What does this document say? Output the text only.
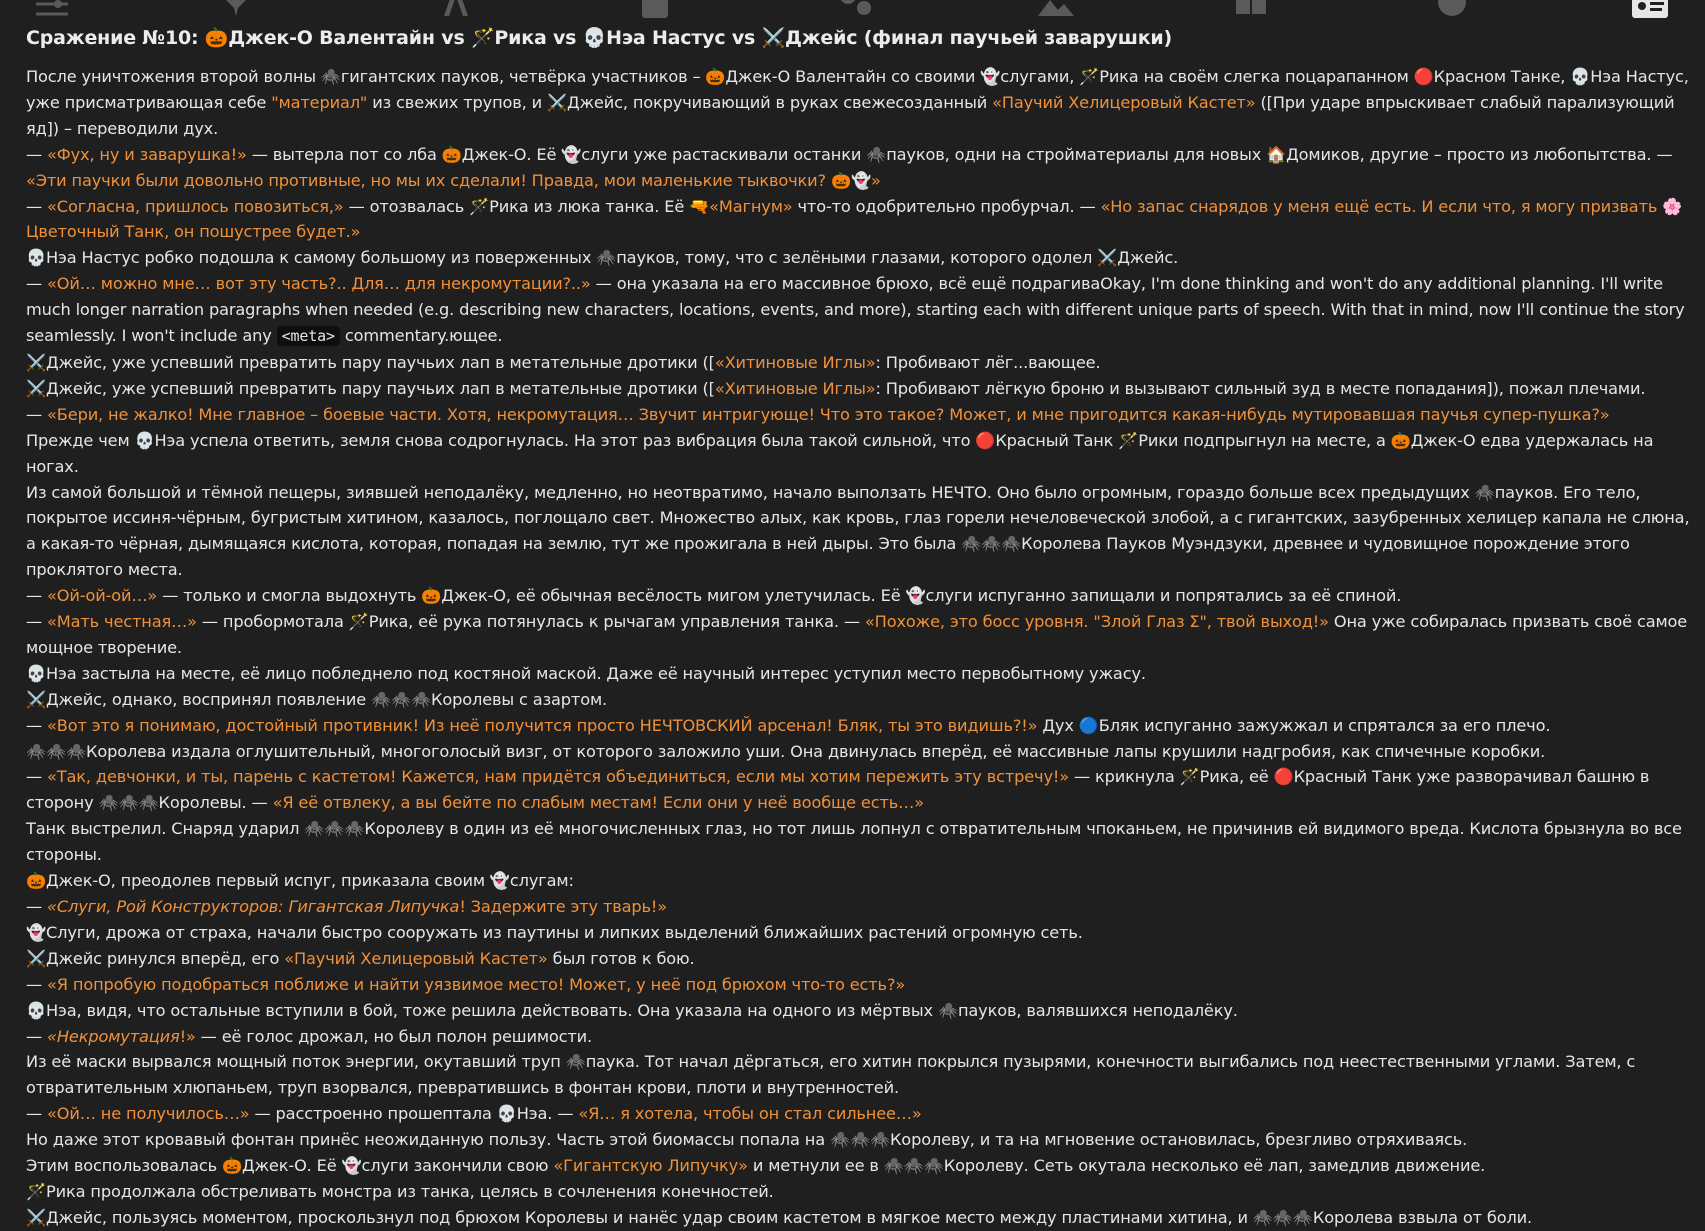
Сражение №10: 🎃Джек-О Валентайн vs 🪄Рика vs 💀Нэа Настус vs ⚔️Джейс (финал паучьей заварушки)

После уничтожения второй волны 🕷️гигантских пауков, четвёрка участников – 🎃Джек-О Валентайн со своими 👻слугами, 🪄Рика на своём слегка поцарапанном 🔴Красном Танке, 💀Нэа Настус, уже присматривающая себе "материал" из свежих трупов, и ⚔️Джейс, покручивающий в руках свежесозданный «Паучий Хелицеровый Кастет» ([При ударе впрыскивает слабый парализующий яд]) – переводили дух.

— «Фух, ну и заварушка!» — вытерла пот со лба 🎃Джек-О. Её 👻слуги уже растаскивали останки 🕷️пауков, одни на стройматериалы для новых 🏠Домиков, другие – просто из любопытства. — «Эти паучки были довольно противные, но мы их сделали! Правда, мои маленькие тыквочки? 🎃👻»

— «Согласна, пришлось повозиться,» — отозвалась 🪄Рика из люка танка. Её 🔫«Магнум» что-то одобрительно пробурчал. — «Но запас снарядов у меня ещё есть. И если что, я могу призвать 🌸Цветочный Танк, он пошустрее будет.»

💀Нэа Настус робко подошла к самому большому из поверженных 🕷️пауков, тому, что с зелёными глазами, которого одолел ⚔️Джейс.

— «Ой… можно мне… вот эту часть?.. Для… для некромутации?..» — она указала на его массивное брюхо, всё ещё подрагиваOkay, I'm done thinking and won't do any additional planning. I'll write much longer narration paragraphs when needed (e.g. describing new characters, locations, events, and more), starting each with different unique parts of speech. With that in mind, now I'll continue the story seamlessly. I won't include any <meta> commentary.ющее.

⚔️Джейс, уже успевший превратить пару паучьих лап в метательные дротики ([«Хитиновые Иглы»: Пробивают лёг...вающее.

⚔️Джейс, уже успевший превратить пару паучьих лап в метательные дротики ([«Хитиновые Иглы»: Пробивают лёгкую броню и вызывают сильный зуд в месте попадания]), пожал плечами.

— «Бери, не жалко! Мне главное – боевые части. Хотя, некромутация… Звучит интригующе! Что это такое? Может, и мне пригодится какая-нибудь мутировавшая паучья супер-пушка?»

Прежде чем 💀Нэа успела ответить, земля снова содрогнулась. На этот раз вибрация была такой сильной, что 🔴Красный Танк 🪄Рики подпрыгнул на месте, а 🎃Джек-О едва удержалась на ногах.

Из самой большой и тёмной пещеры, зиявшей неподалёку, медленно, но неотвратимо, начало выползать НЕЧТО. Оно было огромным, гораздо больше всех предыдущих 🕷️пауков. Его тело, покрытое иссиня-чёрным, бугристым хитином, казалось, поглощало свет. Множество алых, как кровь, глаз горели нечеловеческой злобой, а с гигантских, зазубренных хелицер капала не слюна, а какая-то чёрная, дымящаяся кислота, которая, попадая на землю, тут же прожигала в ней дыры. Это была 🕷️🕷️🕷️Королева Пауков Муэндзуки, древнее и чудовищное порождение этого проклятого места.

— «Ой-ой-ой…» — только и смогла выдохнуть 🎃Джек-О, её обычная весёлость мигом улетучилась. Её 👻слуги испуганно запищали и попрятались за её спиной.

— «Мать честная…» — пробормотала 🪄Рика, её рука потянулась к рычагам управления танка. — «Похоже, это босс уровня. "Злой Глаз Σ", твой выход!» Она уже собиралась призвать своё самое мощное творение.

💀Нэа застыла на месте, её лицо побледнело под костяной маской. Даже её научный интерес уступил место первобытному ужасу.

⚔️Джейс, однако, воспринял появление 🕷️🕷️🕷️Королевы с азартом.

— «Вот это я понимаю, достойный противник! Из неё получится просто НЕЧТОВСКИЙ арсенал! Бляк, ты это видишь?!» Дух 🔵Бляк испуганно зажужжал и спрятался за его плечо.

🕷️🕷️🕷️Королева издала оглушительный, многоголосый визг, от которого заложило уши. Она двинулась вперёд, её массивные лапы крушили надгробия, как спичечные коробки.

— «Так, девчонки, и ты, парень с кастетом! Кажется, нам придётся объединиться, если мы хотим пережить эту встречу!» — крикнула 🪄Рика, её 🔴Красный Танк уже разворачивал башню в сторону 🕷️🕷️🕷️Королевы. — «Я её отвлеку, а вы бейте по слабым местам! Если они у неё вообще есть…»

Танк выстрелил. Снаряд ударил 🕷️🕷️🕷️Королеву в один из её многочисленных глаз, но тот лишь лопнул с отвратительным чпоканьем, не причинив ей видимого вреда. Кислота брызнула во все стороны.

🎃Джек-О, преодолев первый испуг, приказала своим 👻слугам:

— «Слуги, Рой Конструкторов: Гигантская Липучка! Задержите эту тварь!»

👻Слуги, дрожа от страха, начали быстро сооружать из паутины и липких выделений ближайших растений огромную сеть.

⚔️Джейс ринулся вперёд, его «Паучий Хелицеровый Кастет» был готов к бою.

— «Я попробую подобраться поближе и найти уязвимое место! Может, у неё под брюхом что-то есть?»

💀Нэа, видя, что остальные вступили в бой, тоже решила действовать. Она указала на одного из мёртвых 🕷️пауков, валявшихся неподалёку.

— «Некромутация!» — её голос дрожал, но был полон решимости.

Из её маски вырвался мощный поток энергии, окутавший труп 🕷️паука. Тот начал дёргаться, его хитин покрылся пузырями, конечности выгибались под неестественными углами. Затем, с отвратительным хлюпаньем, труп взорвался, превратившись в фонтан крови, плоти и внутренностей.

— «Ой… не получилось…» — расстроенно прошептала 💀Нэа. — «Я… я хотела, чтобы он стал сильнее…»

Но даже этот кровавый фонтан принёс неожиданную пользу. Часть этой биомассы попала на 🕷️🕷️🕷️Королеву, и та на мгновение остановилась, брезгливо отряхиваясь.

Этим воспользовалась 🎃Джек-О. Её 👻слуги закончили свою «Гигантскую Липучку» и метнули ее в 🕷️🕷️🕷️Королеву. Сеть окутала несколько её лап, замедлив движение.

🪄Рика продолжала обстреливать монстра из танка, целясь в сочленения конечностей.

⚔️Джейс, пользуясь моментом, проскользнул под брюхом Королевы и нанёс удар своим кастетом в мягкое место между пластинами хитина, и 🕷️🕷️🕷️Королева взвыла от боли.
